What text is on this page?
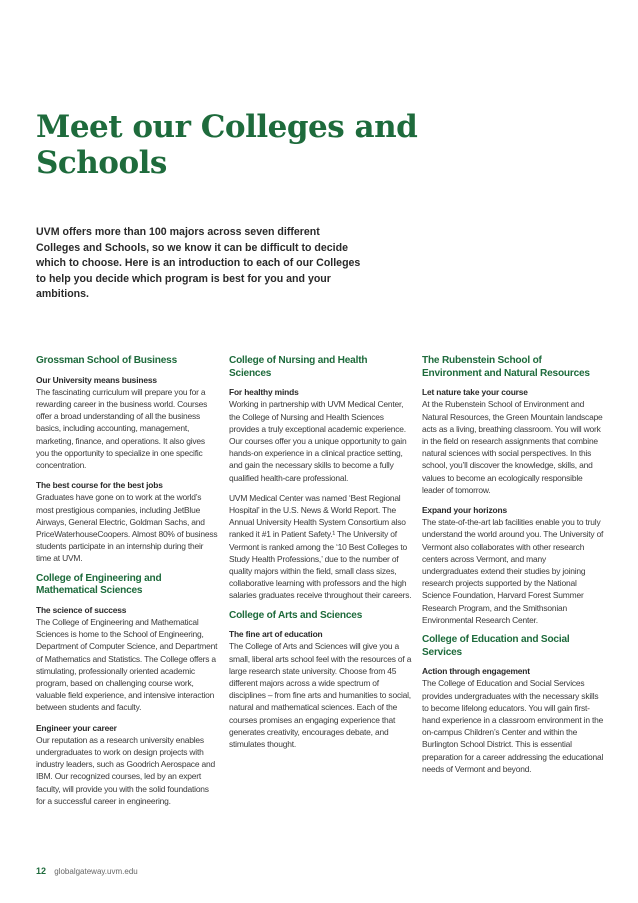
Meet our Colleges and Schools

UVM offers more than 100 majors across seven different Colleges and Schools, so we know it can be difficult to decide which to choose. Here is an introduction to each of our Colleges to help you decide which program is best for you and your ambitions.

Grossman School of Business

Our University means business

The fascinating curriculum will prepare you for a rewarding career in the business world. Courses offer a broad understanding of all the business basics, including accounting, management, marketing, finance, and operations. It also gives you the opportunity to specialize in one specific concentration.

The best course for the best jobs

Graduates have gone on to work at the world’s most prestigious companies, including JetBlue Airways, General Electric, Goldman Sachs, and PriceWaterhouseCoopers. Almost 80% of business students participate in an internship during their time at UVM.

College of Engineering and Mathematical Sciences

The science of success

The College of Engineering and Mathematical Sciences is home to the School of Engineering, Department of Computer Science, and Department of Mathematics and Statistics. The College offers a stimulating, professionally oriented academic program, based on challenging course work, valuable field experience, and intensive interaction between students and faculty.

Engineer your career

Our reputation as a research university enables undergraduates to work on design projects with industry leaders, such as Goodrich Aerospace and IBM. Our recognized courses, led by an expert faculty, will provide you with the solid foundations for a successful career in engineering.

College of Nursing and Health Sciences

For healthy minds

Working in partnership with UVM Medical Center, the College of Nursing and Health Sciences provides a truly exceptional academic experience. Our courses offer you a unique opportunity to gain hands-on experience in a clinical practice setting, and gain the necessary skills to become a fully qualified health-care professional.

UVM Medical Center was named ‘Best Regional Hospital’ in the U.S. News & World Report. The Annual University Health System Consortium also ranked it #1 in Patient Safety.¹ The University of Vermont is ranked among the ‘10 Best Colleges to Study Health Professions,’ due to the number of quality majors within the field, small class sizes, collaborative learning with professors and the high salaries graduates receive throughout their careers.

College of Arts and Sciences

The fine art of education

The College of Arts and Sciences will give you a small, liberal arts school feel with the resources of a large research state university. Choose from 45 different majors across a wide spectrum of disciplines – from fine arts and humanities to social, natural and mathematical sciences. Each of the courses promises an engaging experience that generates creativity, encourages debate, and stimulates thought.

The Rubenstein School of Environment and Natural Resources

Let nature take your course

At the Rubenstein School of Environment and Natural Resources, the Green Mountain landscape acts as a living, breathing classroom. You will work in the field on research assignments that combine natural sciences with social perspectives. In this school, you’ll discover the knowledge, skills, and values to become an ecologically responsible leader of tomorrow.

Expand your horizons

The state-of-the-art lab facilities enable you to truly understand the world around you. The University of Vermont also collaborates with other research centers across Vermont, and many undergraduates extend their studies by joining research projects supported by the National Science Foundation, Harvard Forest Summer Research Program, and the Smithsonian Environmental Research Center.

College of Education and Social Services

Action through engagement

The College of Education and Social Services provides undergraduates with the necessary skills to become lifelong educators. You will gain first-hand experience in a classroom environment in the on-campus Children’s Center and within the Burlington School District. This is essential preparation for a career addressing the educational needs of Vermont and beyond.

12 globalgateway.uvm.edu
